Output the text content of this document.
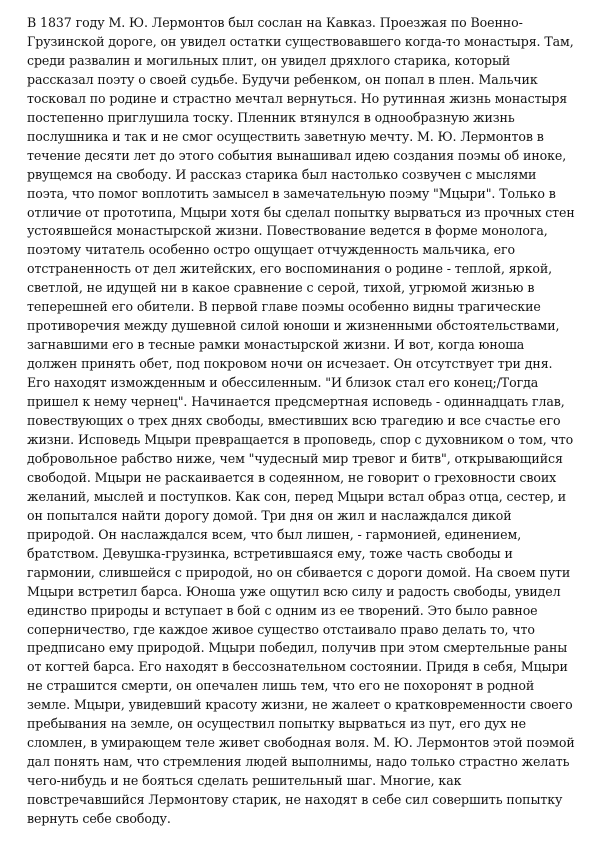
В 1837 году М. Ю. Лермонтов был сослан на Кавказ. Проезжая по Военно-
Грузинской дороге, он увидел остатки существовавшего когда-то монастыря. Там,
среди развалин и могильных плит, он увидел дряхлого старика, который
рассказал поэту о своей судьбе. Будучи ребенком, он попал в плен. Мальчик
тосковал по родине и страстно мечтал вернуться. Но рутинная жизнь монастыря
постепенно приглушила тоску. Пленник втянулся в однообразную жизнь
послушника и так и не смог осуществить заветную мечту. М. Ю. Лермонтов в
течение десяти лет до этого события вынашивал идею создания поэмы об иноке,
рвущемся на свободу. И рассказ старика был настолько созвучен с мыслями
поэта, что помог воплотить замысел в замечательную поэму "Мцыри". Только в
отличие от прототипа, Мцыри хотя бы сделал попытку вырваться из прочных стен
устоявшейся монастырской жизни. Повествование ведется в форме монолога,
поэтому читатель особенно остро ощущает отчужденность мальчика, его
отстраненность от дел житейских, его воспоминания о родине - теплой, яркой,
светлой, не идущей ни в какое сравнение с серой, тихой, угрюмой жизнью в
теперешней его обители. В первой главе поэмы особенно видны трагические
противоречия между душевной силой юноши и жизненными обстоятельствами,
загнавшими его в тесные рамки монастырской жизни. И вот, когда юноша
должен принять обет, под покровом ночи он исчезает. Он отсутствует три дня.
Его находят изможденным и обессиленным. "И близок стал его конец;/Тогда
пришел к нему чернец". Начинается предсмертная исповедь - одиннадцать глав,
повествующих о трех днях свободы, вместивших всю трагедию и все счастье его
жизни. Исповедь Мцыри превращается в проповедь, спор с духовником о том, что
добровольное рабство ниже, чем "чудесный мир тревог и битв", открывающийся
свободой. Мцыри не раскаивается в содеянном, не говорит о греховности своих
желаний, мыслей и поступков. Как сон, перед Мцыри встал образ отца, сестер, и
он попытался найти дорогу домой. Три дня он жил и наслаждался дикой
природой. Он наслаждался всем, что был лишен, - гармонией, единением,
братством. Девушка-грузинка, встретившаяся ему, тоже часть свободы и
гармонии, слившейся с природой, но он сбивается с дороги домой. На своем пути
Мцыри встретил барса. Юноша уже ощутил всю силу и радость свободы, увидел
единство природы и вступает в бой с одним из ее творений. Это было равное
соперничество, где каждое живое существо отстаивало право делать то, что
предписано ему природой. Мцыри победил, получив при этом смертельные раны
от когтей барса. Его находят в бессознательном состоянии. Придя в себя, Мцыри
не страшится смерти, он опечален лишь тем, что его не похоронят в родной
земле. Мцыри, увидевший красоту жизни, не жалеет о кратковременности своего
пребывания на земле, он осуществил попытку вырваться из пут, его дух не
сломлен, в умирающем теле живет свободная воля. М. Ю. Лермонтов этой поэмой
дал понять нам, что стремления людей выполнимы, надо только страстно желать
чего-нибудь и не бояться сделать решительный шаг. Многие, как
повстречавшийся Лермонтову старик, не находят в себе сил совершить попытку
вернуть себе свободу.
